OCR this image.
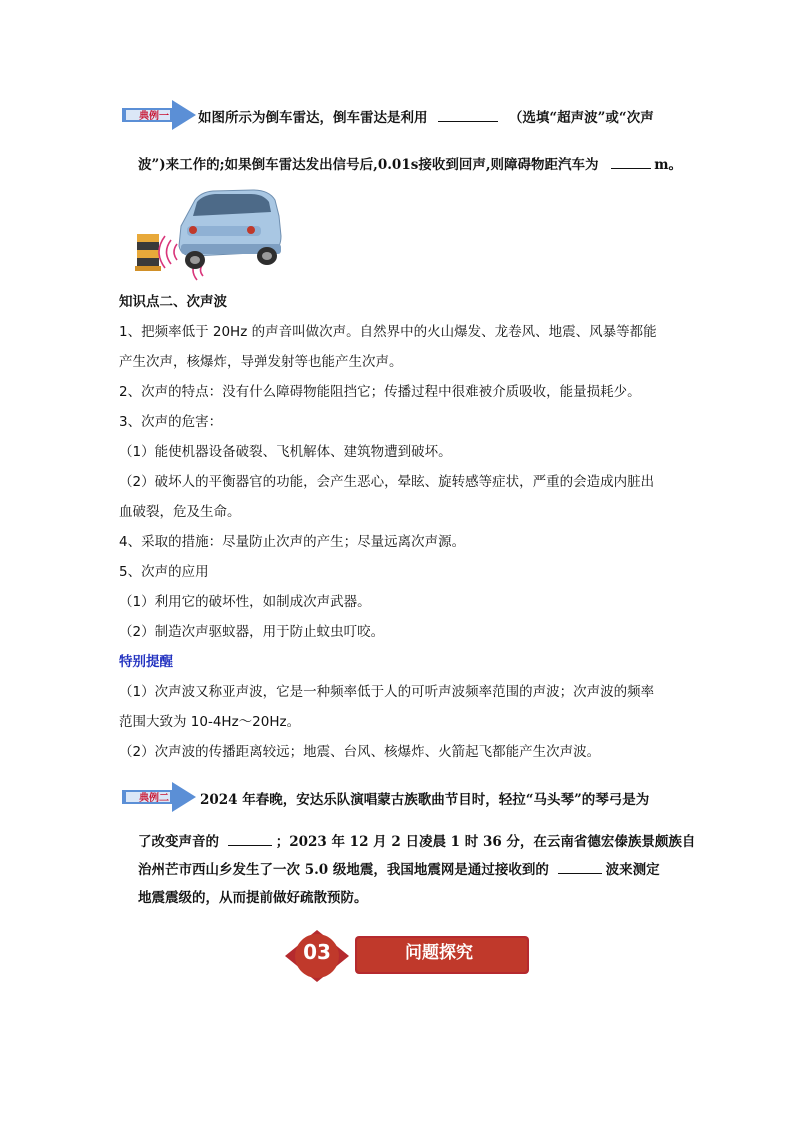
典例一	如图所示为倒车雷达，倒车雷达是利用	（选填“超声波”或“次声
波”)来工作的;如果倒车雷达发出信号后,0.01s接收到回声,则障碍物距汽车为	m。

知识点二、次声波

1、把频率低于 20Hz 的声音叫做次声。自然界中的火山爆发、龙卷风、地震、风暴等都能

产生次声，核爆炸，导弹发射等也能产生次声。

2、次声的特点：没有什么障碍物能阻挡它；传播过程中很难被介质吸收，能量损耗少。

3、次声的危害：

（1）能使机器设备破裂、飞机解体、建筑物遭到破坏。

（2）破坏人的平衡器官的功能，会产生恶心，晕眩、旋转感等症状，严重的会造成内脏出

血破裂，危及生命。

4、采取的措施：尽量防止次声的产生；尽量远离次声源。

5、次声的应用

（1）利用它的破坏性，如制成次声武器。

（2）制造次声驱蚊器，用于防止蚊虫叮咬。

特别提醒

（1）次声波又称亚声波，它是一种频率低于人的可听声波频率范围的声波；次声波的频率

范围大致为 10-4Hz～20Hz。

（2）次声波的传播距离较远；地震、台风、核爆炸、火箭起飞都能产生次声波。

典例二	2024 年春晚，安达乐队演唱蒙古族歌曲节目时，轻拉“马头琴”的琴弓是为
了改变声音的	；2023 年 12 月 2 日凌晨 1 时 36 分，在云南省德宏傣族景颇族自
治州芒市西山乡发生了一次 5.0 级地震，我国地震网是通过接收到的	波来测定
地震震级的，从而提前做好疏散预防。
03	问题探究
